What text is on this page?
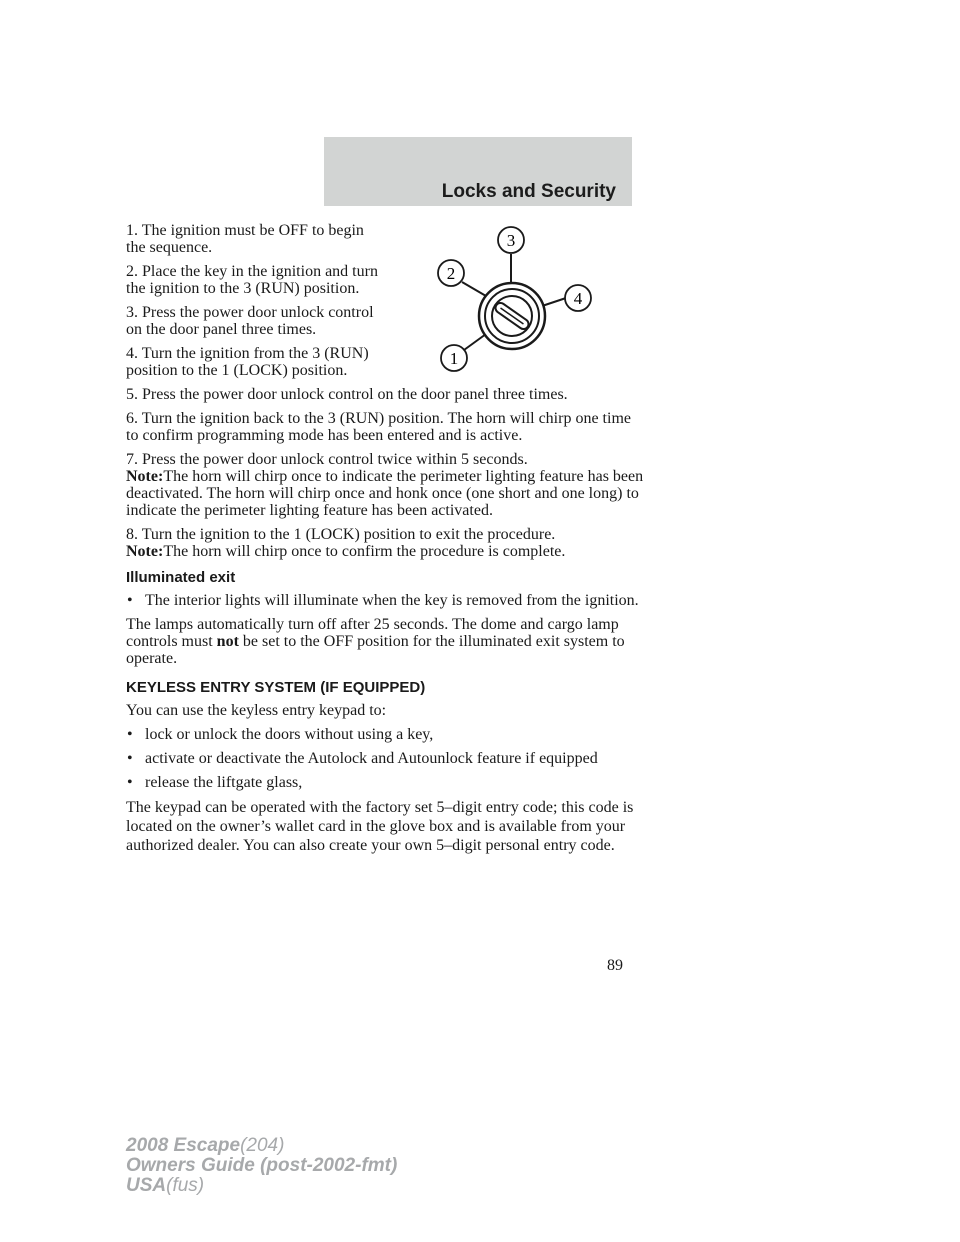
Locks and Security
3
2
4
1

1. The ignition must be OFF to begin the sequence.

2. Place the key in the ignition and turn the ignition to the 3 (RUN) position.

3. Press the power door unlock control on the door panel three times.

4. Turn the ignition from the 3 (RUN) position to the 1 (LOCK) position.

5. Press the power door unlock control on the door panel three times.

6. Turn the ignition back to the 3 (RUN) position. The horn will chirp one time to confirm programming mode has been entered and is active.

7. Press the power door unlock control twice within 5 seconds.

Note:The horn will chirp once to indicate the perimeter lighting feature has been deactivated. The horn will chirp once and honk once (one short and one long) to indicate the perimeter lighting feature has been activated.

8. Turn the ignition to the 1 (LOCK) position to exit the procedure.

Note:The horn will chirp once to confirm the procedure is complete.

Illuminated exit
• The interior lights will illuminate when the key is removed from the ignition.

The lamps automatically turn off after 25 seconds. The dome and cargo lamp controls must not be set to the OFF position for the illuminated exit system to operate.

KEYLESS ENTRY SYSTEM (IF EQUIPPED)

You can use the keyless entry keypad to:

• lock or unlock the doors without using a key,
• activate or deactivate the Autolock and Autounlock feature if equipped
• release the liftgate glass,

The keypad can be operated with the factory set 5–digit entry code; this code is located on the owner’s wallet card in the glove box and is available from your authorized dealer. You can also create your own 5–digit personal entry code.

89
2008 Escape(204)
Owners Guide (post-2002-fmt)
USA(fus)
